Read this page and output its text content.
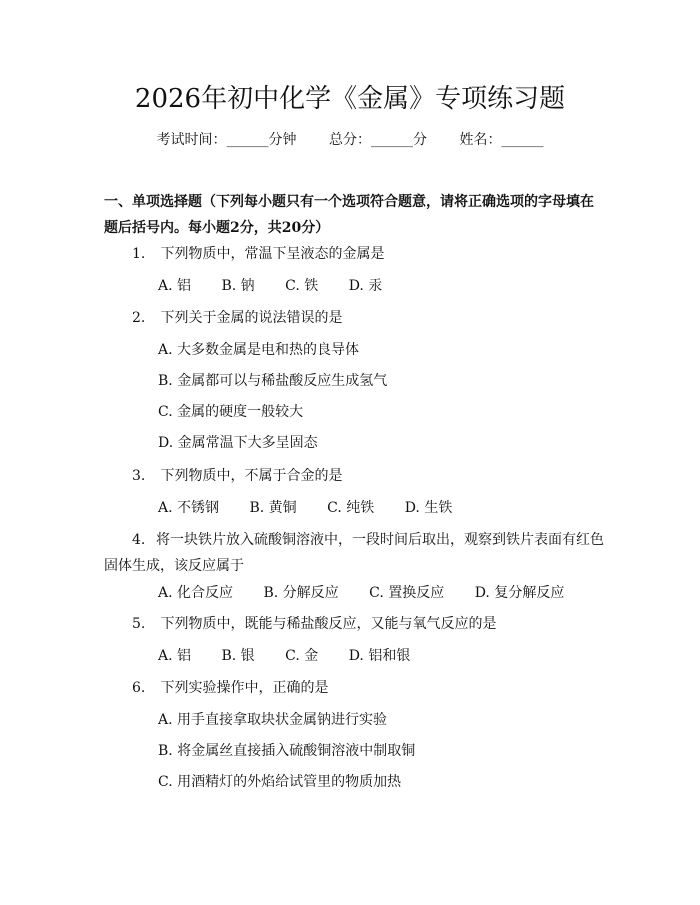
2026年初中化学《金属》专项练习题
考试时间：______分钟 总分：______分 姓名：______
一、单项选择题（下列每小题只有一个选项符合题意，请将正确选项的字母填在题后括号内。每小题2分，共20分）
1. 下列物质中，常温下呈液态的金属是
A. 铝 B. 钠 C. 铁 D. 汞
2. 下列关于金属的说法错误的是
A. 大多数金属是电和热的良导体
B. 金属都可以与稀盐酸反应生成氢气
C. 金属的硬度一般较大
D. 金属常温下大多呈固态
3. 下列物质中，不属于合金的是
A. 不锈钢 B. 黄铜 C. 纯铁 D. 生铁
4. 将一块铁片放入硫酸铜溶液中，一段时间后取出，观察到铁片表面有红色固体生成，该反应属于
A. 化合反应 B. 分解反应 C. 置换反应 D. 复分解反应
5. 下列物质中，既能与稀盐酸反应，又能与氧气反应的是
A. 铝 B. 银 C. 金 D. 铝和银
6. 下列实验操作中，正确的是
A. 用手直接拿取块状金属钠进行实验
B. 将金属丝直接插入硫酸铜溶液中制取铜
C. 用酒精灯的外焰给试管里的物质加热
